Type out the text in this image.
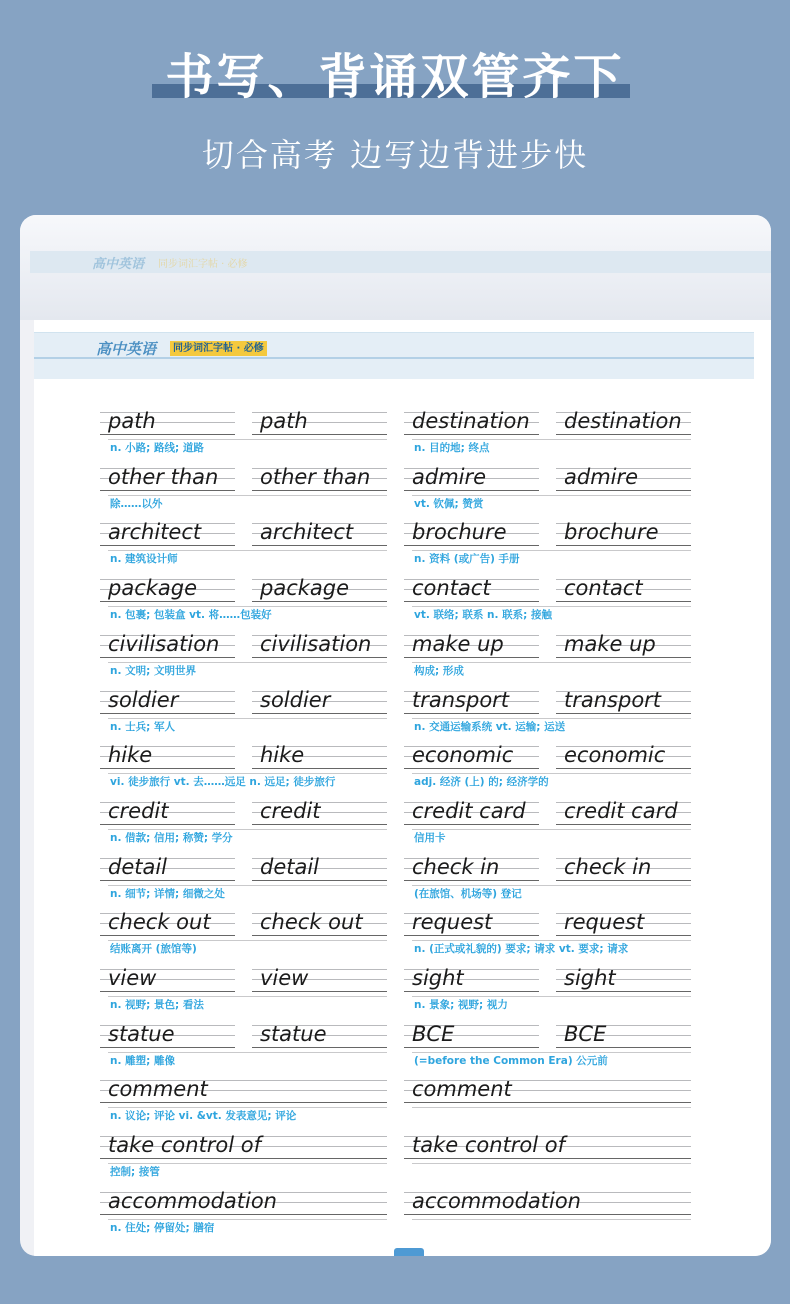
书写、背诵双管齐下
切合高考 边写边背进步快
高中英语 同步词汇字帖 · 必修
高中英语	同步词汇字帖 · 必修
path	path
n. 小路; 路线; 道路
destination destination
n. 目的地; 终点
other than other than
除……以外
admire	admire
vt. 钦佩; 赞赏
architect	architect
n. 建筑设计师
brochure	brochure
n. 资料 (或广告) 手册
package	package
n. 包裹; 包装盒 vt. 将……包装好
contact	contact
vt. 联络; 联系 n. 联系; 接触
civilisation civilisation
n. 文明; 文明世界
make up	make up
构成; 形成
soldier	soldier
n. 士兵; 军人
transport	transport
n. 交通运输系统 vt. 运输; 运送
hike	hike
vi. 徒步旅行 vt. 去……远足 n. 远足; 徒步旅行
economic economic
adj. 经济 (上) 的; 经济学的
credit	credit
n. 借款; 信用; 称赞; 学分
credit card credit card
信用卡
detail	detail
n. 细节; 详情; 细微之处
check in	check in
(在旅馆、机场等) 登记
check out check out
结账离开 (旅馆等)
request	request
n. (正式或礼貌的) 要求; 请求 vt. 要求; 请求
view	view
n. 视野; 景色; 看法
sight	sight
n. 景象; 视野; 视力
statue	statue
n. 雕塑; 雕像
BCE	BCE
(=before the Common Era) 公元前
comment
n. 议论; 评论 vi. &vt. 发表意见; 评论
comment
take control of
控制; 接管
take control of
accommodation
n. 住处; 停留处; 膳宿
accommodation
